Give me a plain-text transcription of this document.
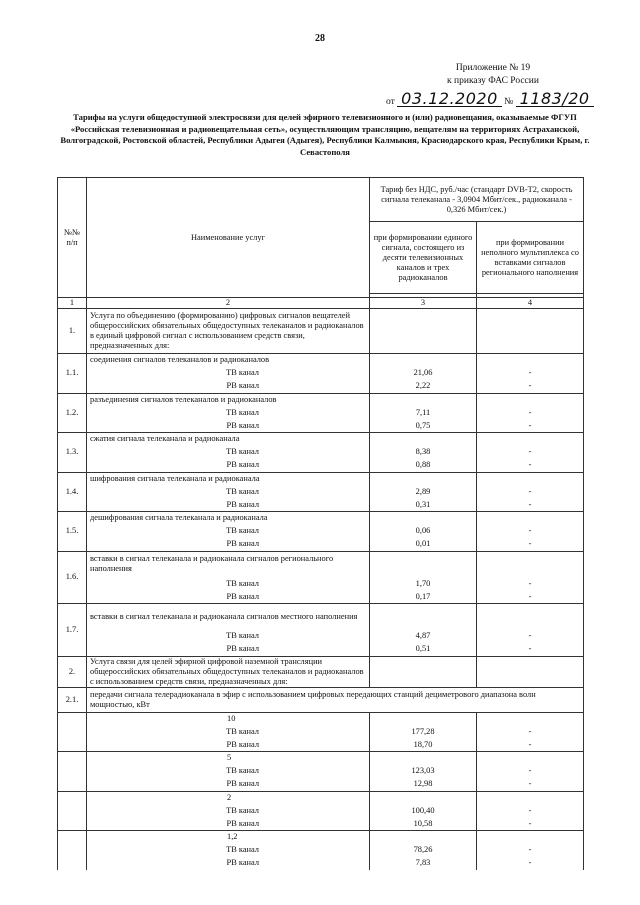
28
Приложение № 19
к приказу ФАС России
от 03.12.2020 № 1183/20
Тарифы на услуги общедоступной электросвязи для целей эфирного телевизионного и (или) радиовещания, оказываемые ФГУП «Российская телевизионная и радиовещательная сеть», осуществляющим трансляцию, вещателям на территориях Астраханской, Волгоградской, Ростовской областей, Республики Адыгея (Адыгея), Республики Калмыкия, Краснодарского края, Республики Крым, г. Севастополя
№№ п/п	Наименование услуг	Тариф без НДС, руб./час (стандарт DVB-T2, скорость сигнала телеканала - 3,0904 Мбит/сек., радиоканала - 0,326 Мбит/сек.)	
		при формировании единого сигнала, состоящего из десяти телевизионных каналов и трех радиоканалов	при формировании неполного мультиплекса со вставками сигналов регионального наполнения

1	2	3	4
1.	Услуга по объединению (формированию) цифровых сигналов вещателей общероссийских обязательных общедоступных телеканалов и радиоканалов в единый цифровой сигнал с использованием средств связи, предназначенных для:		
1.1.	соединения сигналов телеканалов и радиоканалов		
	ТВ канал	21,06	-
	РВ канал	2,22	-
1.2.	разъединения сигналов телеканалов и радиоканалов		
	ТВ канал	7,11	-
	РВ канал	0,75	-
1.3.	сжатия сигнала телеканала и радиоканала		
	ТВ канал	8,38	-
	РВ канал	0,88	-
1.4.	шифрования сигнала телеканала и радиоканала		
	ТВ канал	2,89	-
	РВ канал	0,31	-
1.5.	дешифрования сигнала телеканала и радиоканала		
	ТВ канал	0,06	-
	РВ канал	0,01	-
1.6.	вставки в сигнал телеканала и радиоканала сигналов регионального наполнения		
	ТВ канал	1,70	-
	РВ канал	0,17	-
1.7.	вставки в сигнал телеканала и радиоканала сигналов местного наполнения		
	ТВ канал	4,87	-
	РВ канал	0,51	-
2.	Услуга связи для целей эфирной цифровой наземной трансляции общероссийских обязательных общедоступных телеканалов и радиоканалов с использованием средств связи, предназначенных для:		
2.1.	передачи сигнала телерадиоканала в эфир с использованием цифровых передающих станций дециметрового диапазона волн мощностью, кВт		
	10		
	ТВ канал	177,28	-
	РВ канал	18,70	-
	5		
	ТВ канал	123,03	-
	РВ канал	12,98	-
	2		
	ТВ канал	100,40	-
	РВ канал	10,58	-
	1,2		
	ТВ канал	78,26	-
	РВ канал	7,83	-
